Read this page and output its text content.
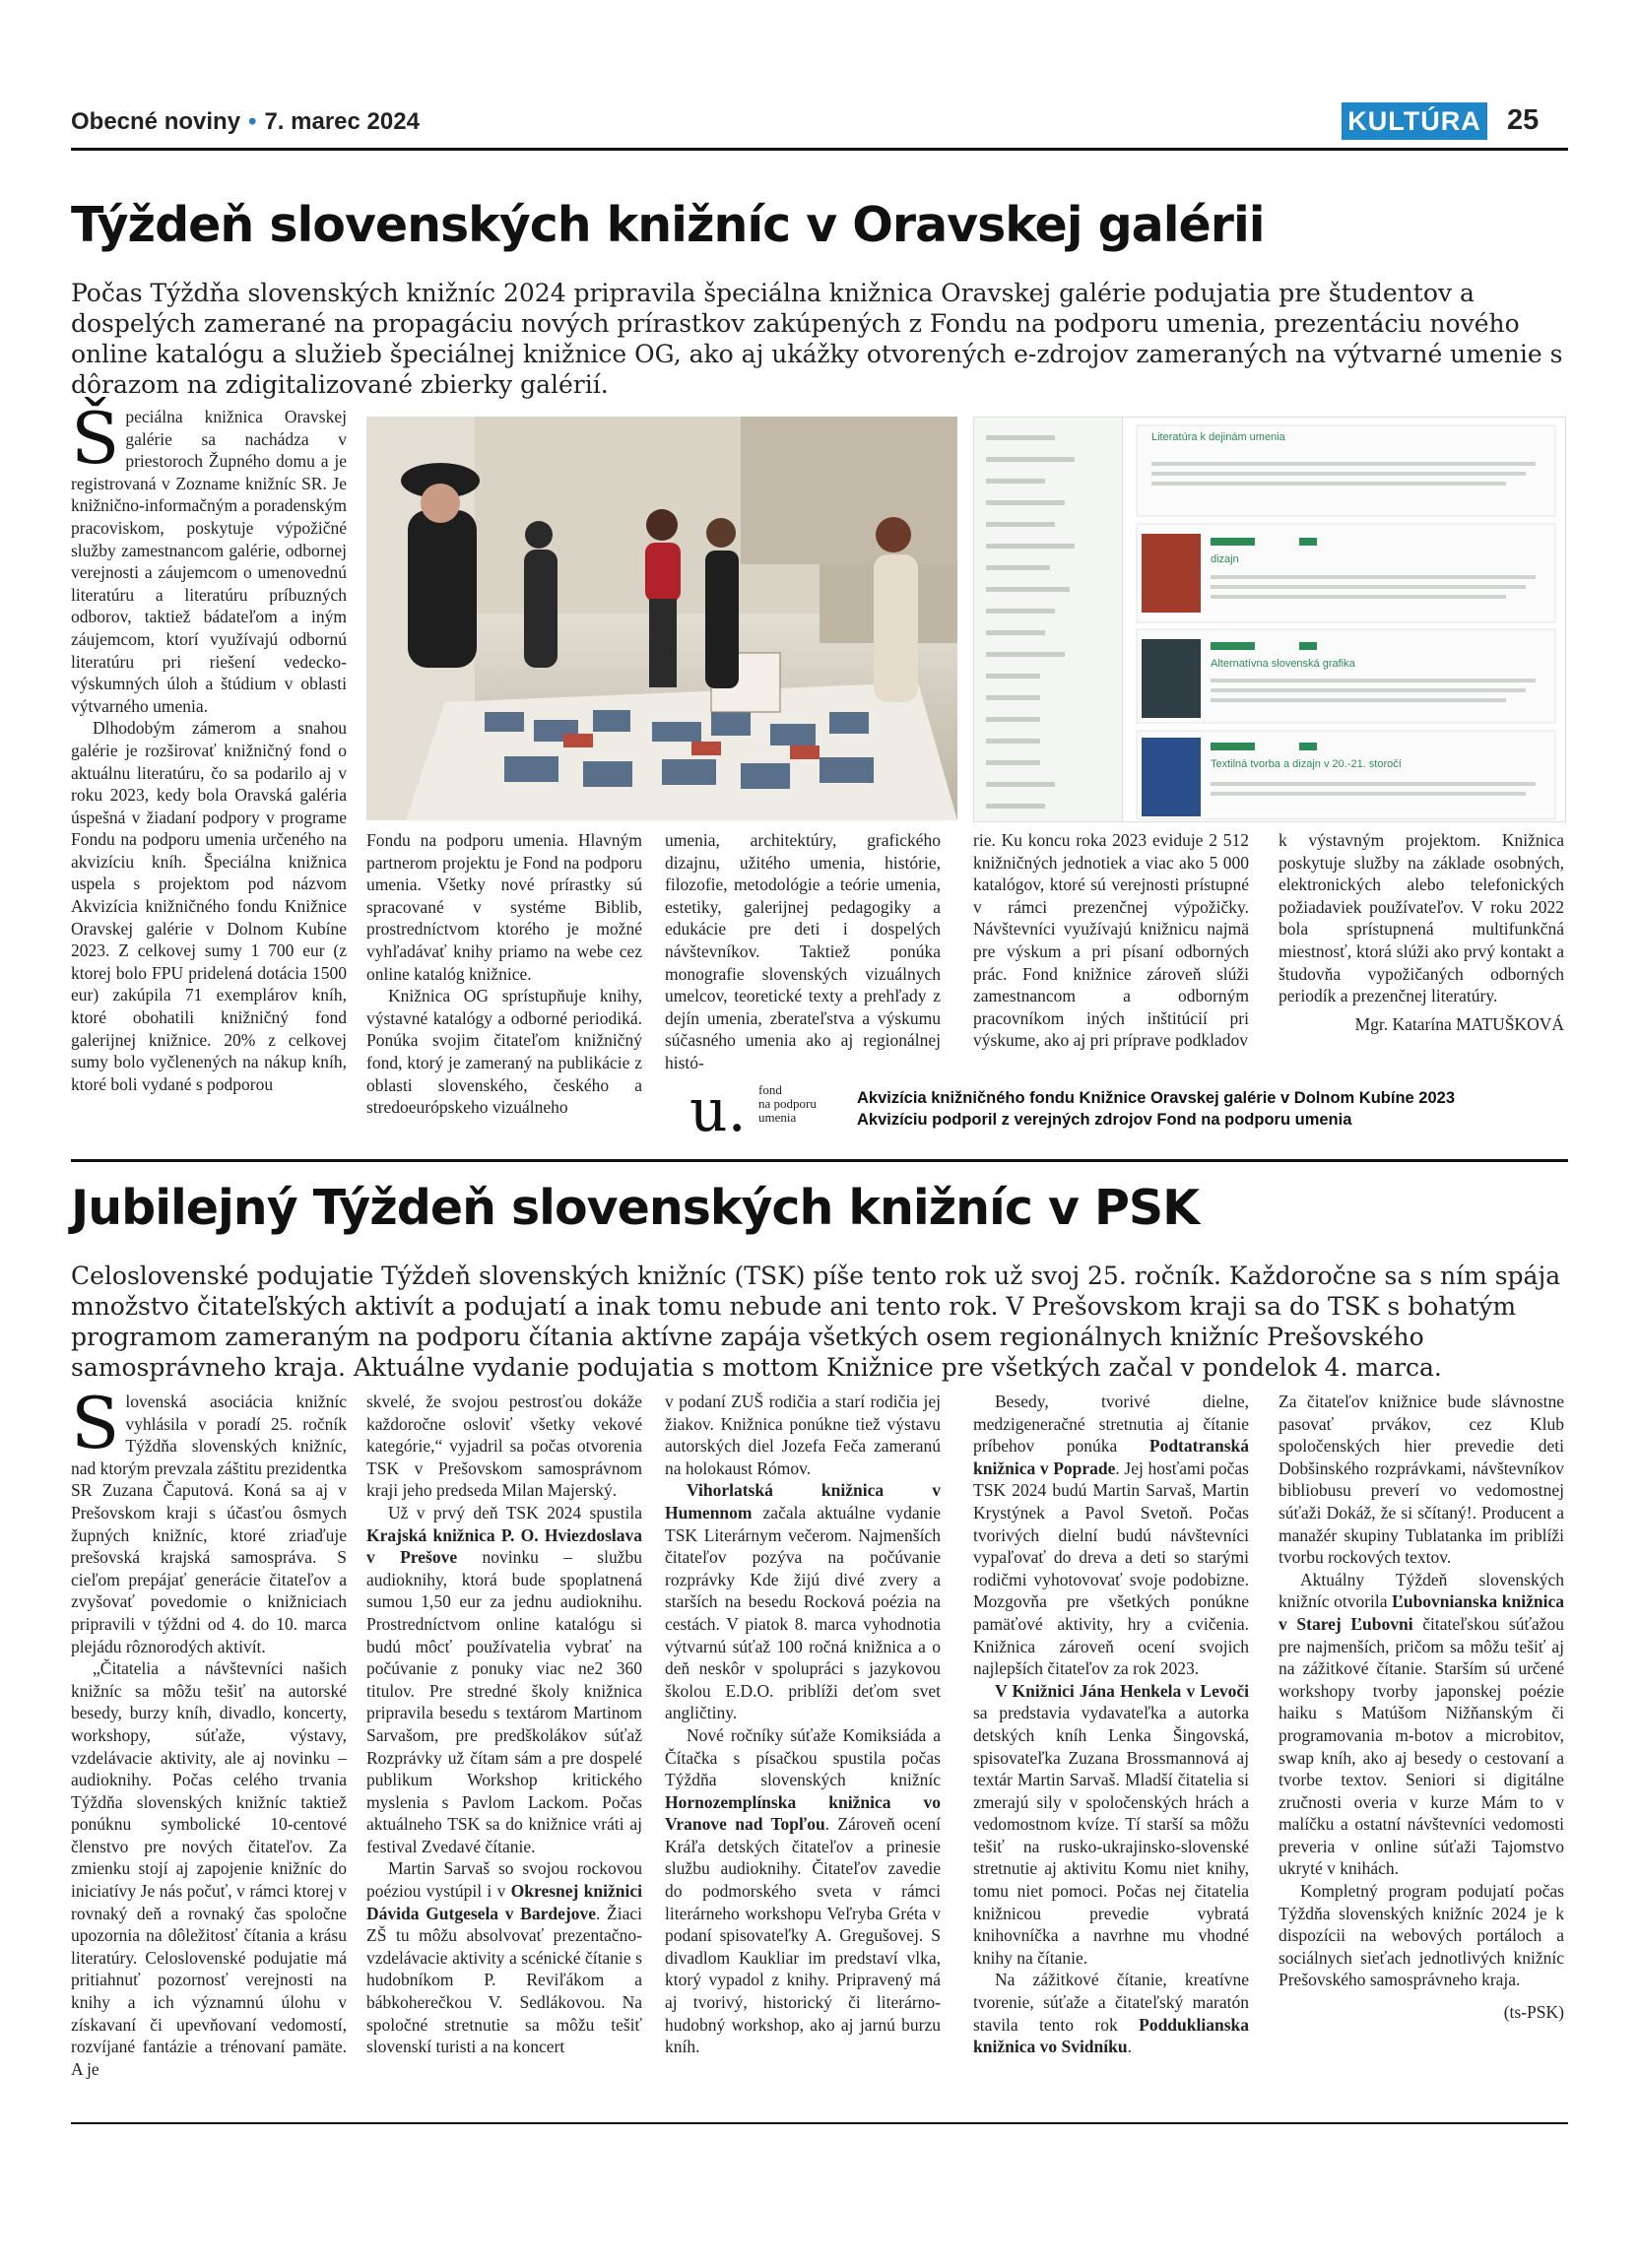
Obecné noviny • 7. marec 2024	KULTÚRA 25
Týždeň slovenských knižníc v Oravskej galérii

Počas Týždňa slovenských knižníc 2024 pripravila špeciálna knižnica Oravskej galérie podujatia pre študentov a dospelých zamerané na propagáciu nových prírastkov zakúpených z Fondu na podporu umenia, prezentáciu nového online katalógu a služieb špeciálnej knižnice OG, ako aj ukážky otvorených e-zdrojov zameraných na výtvarné umenie s dôrazom na zdigitalizované zbierky galérií.

Špeciálna knižnica Oravskej galérie sa nachádza v priestoroch Župného domu a je registrovaná v Zozname knižníc SR. Je knižnično-informačným a poradenským pracoviskom, poskytuje výpožičné služby zamestnancom galérie, odbornej verejnosti a záujemcom o umenovednú literatúru a literatúru príbuzných odborov, taktiež bádateľom a iným záujemcom, ktorí využívajú odbornú literatúru pri riešení vedecko-výskumných úloh a štúdium v oblasti výtvarného umenia.

Dlhodobým zámerom a snahou galérie je rozširovať knižničný fond o aktuálnu literatúru, čo sa podarilo aj v roku 2023, kedy bola Oravská galéria úspešná v žiadaní podpory v programe Fondu na podporu umenia určeného na akvizíciu kníh. Špeciálna knižnica uspela s projektom pod názvom Akvizícia knižničného fondu Knižnice Oravskej galérie v Dolnom Kubíne 2023. Z celkovej sumy 1 700 eur (z ktorej bolo FPU pridelená dotácia 1500 eur) zakúpila 71 exemplárov kníh, ktoré obohatili knižničný fond galerijnej knižnice. 20% z celkovej sumy bolo vyčlenených na nákup kníh, ktoré boli vydané s podporou

Literatúra k dejinám umenia
dizajn
Alternatívna slovenská grafika
Textilná tvorba a dizajn v 20.-21. storočí

Fondu na podporu umenia. Hlavným partnerom projektu je Fond na podporu umenia. Všetky nové prírastky sú spracované v systéme Biblib, prostredníctvom ktorého je možné vyhľadávať knihy priamo na webe cez online katalóg knižnice.

Knižnica OG sprístupňuje knihy, výstavné katalógy a odborné periodiká. Ponúka svojim čitateľom knižničný fond, ktorý je zameraný na publikácie z oblasti slovenského, českého a stredoeurópskeho vizuálneho

umenia, architektúry, grafického dizajnu, užitého umenia, histórie, filozofie, metodológie a teórie umenia, estetiky, galerijnej pedagogiky a edukácie pre deti i dospelých návštevníkov. Taktiež ponúka monografie slovenských vizuálnych umelcov, teoretické texty a prehľady z dejín umenia, zberateľstva a výskumu súčasného umenia ako aj regionálnej histó-

rie. Ku koncu roka 2023 eviduje 2 512 knižničných jednotiek a viac ako 5 000 katalógov, ktoré sú verejnosti prístupné v rámci prezenčnej výpožičky. Návštevníci využívajú knižnicu najmä pre výskum a pri písaní odborných prác. Fond knižnice zároveň slúži zamestnancom a odborným pracovníkom iných inštitúcií pri výskume, ako aj pri príprave podkladov

k výstavným projektom. Knižnica poskytuje služby na základe osobných, elektronických alebo telefonických požiadaviek používateľov. V roku 2022 bola sprístupnená multifunkčná miestnosť, ktorá slúži ako prvý kontakt a študovňa vypožičaných odborných periodík a prezenčnej literatúry.

Mgr. Katarína MATUŠKOVÁ
u. fond
na podporu
umenia
Akvizícia knižničného fondu Knižnice Oravskej galérie v Dolnom Kubíne 2023
Akvizíciu podporil z verejných zdrojov Fond na podporu umenia
Jubilejný Týždeň slovenských knižníc v PSK

Celoslovenské podujatie Týždeň slovenských knižníc (TSK) píše tento rok už svoj 25. ročník. Každoročne sa s ním spája množstvo čitateľských aktivít a podujatí a inak tomu nebude ani tento rok. V Prešovskom kraji sa do TSK s bohatým programom zameraným na podporu čítania aktívne zapája všetkých osem regionálnych knižníc Prešovského samosprávneho kraja. Aktuálne vydanie podujatia s mottom Knižnice pre všetkých začal v pondelok 4. marca.

Slovenská asociácia knižníc vyhlásila v poradí 25. ročník Týždňa slovenských knižníc, nad ktorým prevzala záštitu prezidentka SR Zuzana Čaputová. Koná sa aj v Prešovskom kraji s účasťou ôsmych župných knižníc, ktoré zriaďuje prešovská krajská samospráva. S cieľom prepájať generácie čitateľov a zvyšovať povedomie o knižniciach pripravili v týždni od 4. do 10. marca plejádu rôznorodých aktivít.

„Čitatelia a návštevníci našich knižníc sa môžu tešiť na autorské besedy, burzy kníh, divadlo, koncerty, workshopy, súťaže, výstavy, vzdelávacie aktivity, ale aj novinku – audioknihy. Počas celého trvania Týždňa slovenských knižníc taktiež ponúknu symbolické 10-centové členstvo pre nových čitateľov. Za zmienku stojí aj zapojenie knižníc do iniciatívy Je nás počuť, v rámci ktorej v rovnaký deň a rovnaký čas spoločne upozornia na dôležitosť čítania a krásu literatúry. Celoslovenské podujatie má pritiahnuť pozornosť verejnosti na knihy a ich významnú úlohu v získavaní či upevňovaní vedomostí, rozvíjané fantázie a trénovaní pamäte. A je

skvelé, že svojou pestrosťou dokáže každoročne osloviť všetky vekové kategórie,“ vyjadril sa počas otvorenia TSK v Prešovskom samosprávnom kraji jeho predseda Milan Majerský.

Už v prvý deň TSK 2024 spustila Krajská knižnica P. O. Hviezdoslava v Prešove novinku – službu audioknihy, ktorá bude spoplatnená sumou 1,50 eur za jednu audioknihu. Prostredníctvom online katalógu si budú môcť používatelia vybrať na počúvanie z ponuky viac ne2 360 titulov. Pre stredné školy knižnica pripravila besedu s textárom Martinom Sarvašom, pre predškolákov súťaž Rozprávky už čítam sám a pre dospelé publikum Workshop kritického myslenia s Pavlom Lackom. Počas aktuálneho TSK sa do knižnice vráti aj festival Zvedavé čítanie.

Martin Sarvaš so svojou rockovou poéziou vystúpil i v Okresnej knižnici Dávida Gutgesela v Bardejove. Žiaci ZŠ tu môžu absolvovať prezentačno-vzdelávacie aktivity a scénické čítanie s hudobníkom P. Reviľákom a bábkoherečkou V. Sedlákovou. Na spoločné stretnutie sa môžu tešiť slovenskí turisti a na koncert

v podaní ZUŠ rodičia a starí rodičia jej žiakov. Knižnica ponúkne tiež výstavu autorských diel Jozefa Feča zameranú na holokaust Rómov.

Vihorlatská knižnica v Humennom začala aktuálne vydanie TSK Literárnym večerom. Najmenších čitateľov pozýva na počúvanie rozprávky Kde žijú divé zvery a starších na besedu Rocková poézia na cestách. V piatok 8. marca vyhodnotia výtvarnú súťaž 100 ročná knižnica a o deň neskôr v spolupráci s jazykovou školou E.D.O. priblíži deťom svet angličtiny.

Nové ročníky súťaže Komiksiáda a Čítačka s písačkou spustila počas Týždňa slovenských knižníc Hornozemplínska knižnica vo Vranove nad Topľou. Zároveň ocení Kráľa detských čitateľov a prinesie službu audioknihy. Čitateľov zavedie do podmorského sveta v rámci literárneho workshopu Veľryba Gréta v podaní spisovateľky A. Gregušovej. S divadlom Kaukliar im predstaví vlka, ktorý vypadol z knihy. Pripravený má aj tvorivý, historický či literárno-hudobný workshop, ako aj jarnú burzu kníh.

Besedy, tvorivé dielne, medzigeneračné stretnutia aj čítanie príbehov ponúka Podtatranská knižnica v Poprade. Jej hosťami počas TSK 2024 budú Martin Sarvaš, Martin Krystýnek a Pavol Svetoň. Počas tvorivých dielní budú návštevníci vypaľovať do dreva a deti so starými rodičmi vyhotovovať svoje podobizne. Mozgovňa pre všetkých ponúkne pamäťové aktivity, hry a cvičenia. Knižnica zároveň ocení svojich najlepších čitateľov za rok 2023.

V Knižnici Jána Henkela v Levoči sa predstavia vydavateľka a autorka detských kníh Lenka Šingovská, spisovateľka Zuzana Brossmannová aj textár Martin Sarvaš. Mladší čitatelia si zmerajú sily v spoločenských hrách a vedomostnom kvíze. Tí starší sa môžu tešiť na rusko-ukrajinsko-slovenské stretnutie aj aktivitu Komu niet knihy, tomu niet pomoci. Počas nej čitatelia knižnicou prevedie vybratá knihovníčka a navrhne mu vhodné knihy na čítanie.

Na zážitkové čítanie, kreatívne tvorenie, súťaže a čitateľský maratón stavila tento rok Podduklianska knižnica vo Svidníku.

Za čitateľov knižnice bude slávnostne pasovať prvákov, cez Klub spoločenských hier prevedie deti Dobšinského rozprávkami, návštevníkov bibliobusu preverí vo vedomostnej súťaži Dokáž, že si sčítaný!. Producent a manažér skupiny Tublatanka im priblíži tvorbu rockových textov.

Aktuálny Týždeň slovenských knižníc otvorila Ľubovnianska knižnica v Starej Ľubovni čitateľskou súťažou pre najmenších, pričom sa môžu tešiť aj na zážitkové čítanie. Starším sú určené workshopy tvorby japonskej poézie haiku s Matúšom Nižňanským či programovania m-botov a microbitov, swap kníh, ako aj besedy o cestovaní a tvorbe textov. Seniori si digitálne zručnosti overia v kurze Mám to v malíčku a ostatní návštevníci vedomosti preveria v online súťaži Tajomstvo ukryté v knihách.

Kompletný program podujatí počas Týždňa slovenských knižníc 2024 je k dispozícii na webových portáloch a sociálnych sieťach jednotlivých knižníc Prešovského samosprávneho kraja.

(ts-PSK)
